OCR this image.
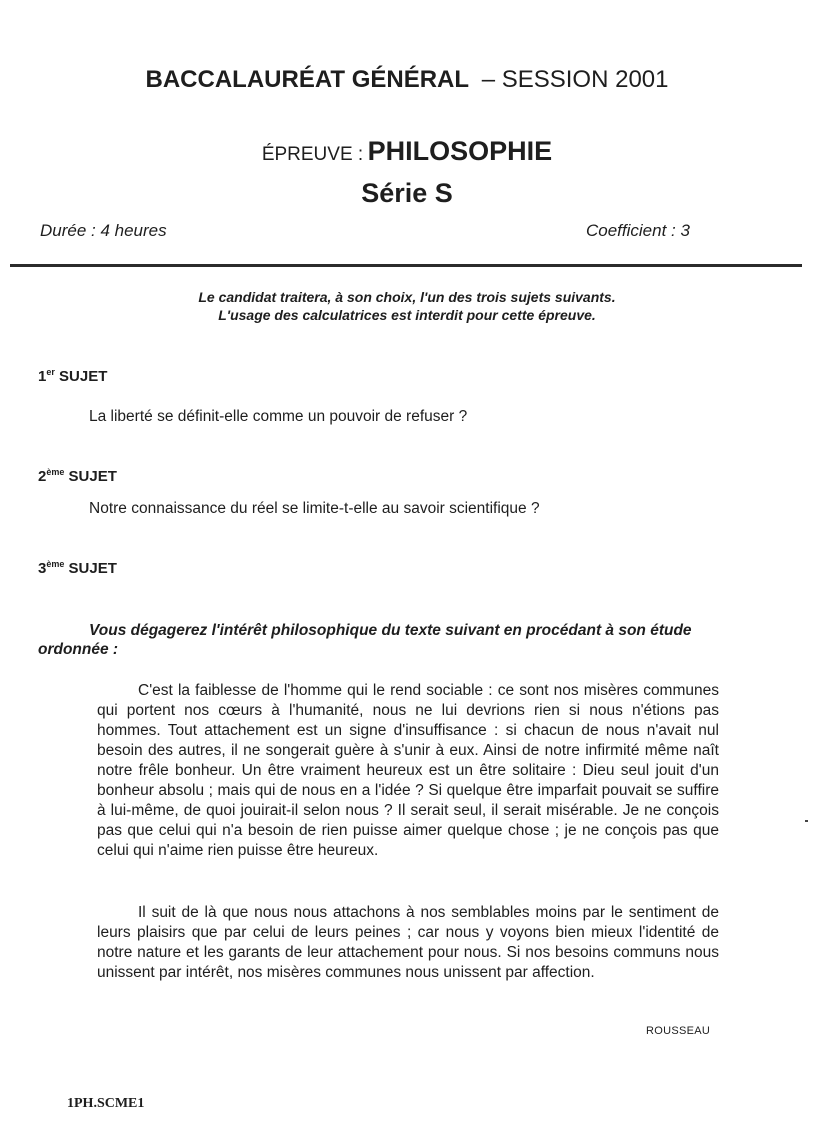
BACCALAURÉAT GÉNÉRAL – SESSION 2001
ÉPREUVE : PHILOSOPHIE
Série S
Durée : 4 heures	Coefficient : 3
Le candidat traitera, à son choix, l'un des trois sujets suivants.
L'usage des calculatrices est interdit pour cette épreuve.
1er SUJET
La liberté se définit-elle comme un pouvoir de refuser ?
2ème SUJET
Notre connaissance du réel se limite-t-elle au savoir scientifique ?
3ème SUJET
Vous dégagerez l'intérêt philosophique du texte suivant en procédant à son étude ordonnée :

C'est la faiblesse de l'homme qui le rend sociable : ce sont nos misères communes qui portent nos cœurs à l'humanité, nous ne lui devrions rien si nous n'étions pas hommes. Tout attachement est un signe d'insuffisance : si chacun de nous n'avait nul besoin des autres, il ne songerait guère à s'unir à eux. Ainsi de notre infirmité même naît notre frêle bonheur. Un être vraiment heureux est un être solitaire : Dieu seul jouit d'un bonheur absolu ; mais qui de nous en a l'idée ? Si quelque être imparfait pouvait se suffire à lui-même, de quoi jouirait-il selon nous ? Il serait seul, il serait misérable. Je ne conçois pas que celui qui n'a besoin de rien puisse aimer quelque chose ; je ne conçois pas que celui qui n'aime rien puisse être heureux.

Il suit de là que nous nous attachons à nos semblables moins par le sentiment de leurs plaisirs que par celui de leurs peines ; car nous y voyons bien mieux l'identité de notre nature et les garants de leur attachement pour nous. Si nos besoins communs nous unissent par intérêt, nos misères communes nous unissent par affection.

ROUSSEAU
1PH.SCME1
